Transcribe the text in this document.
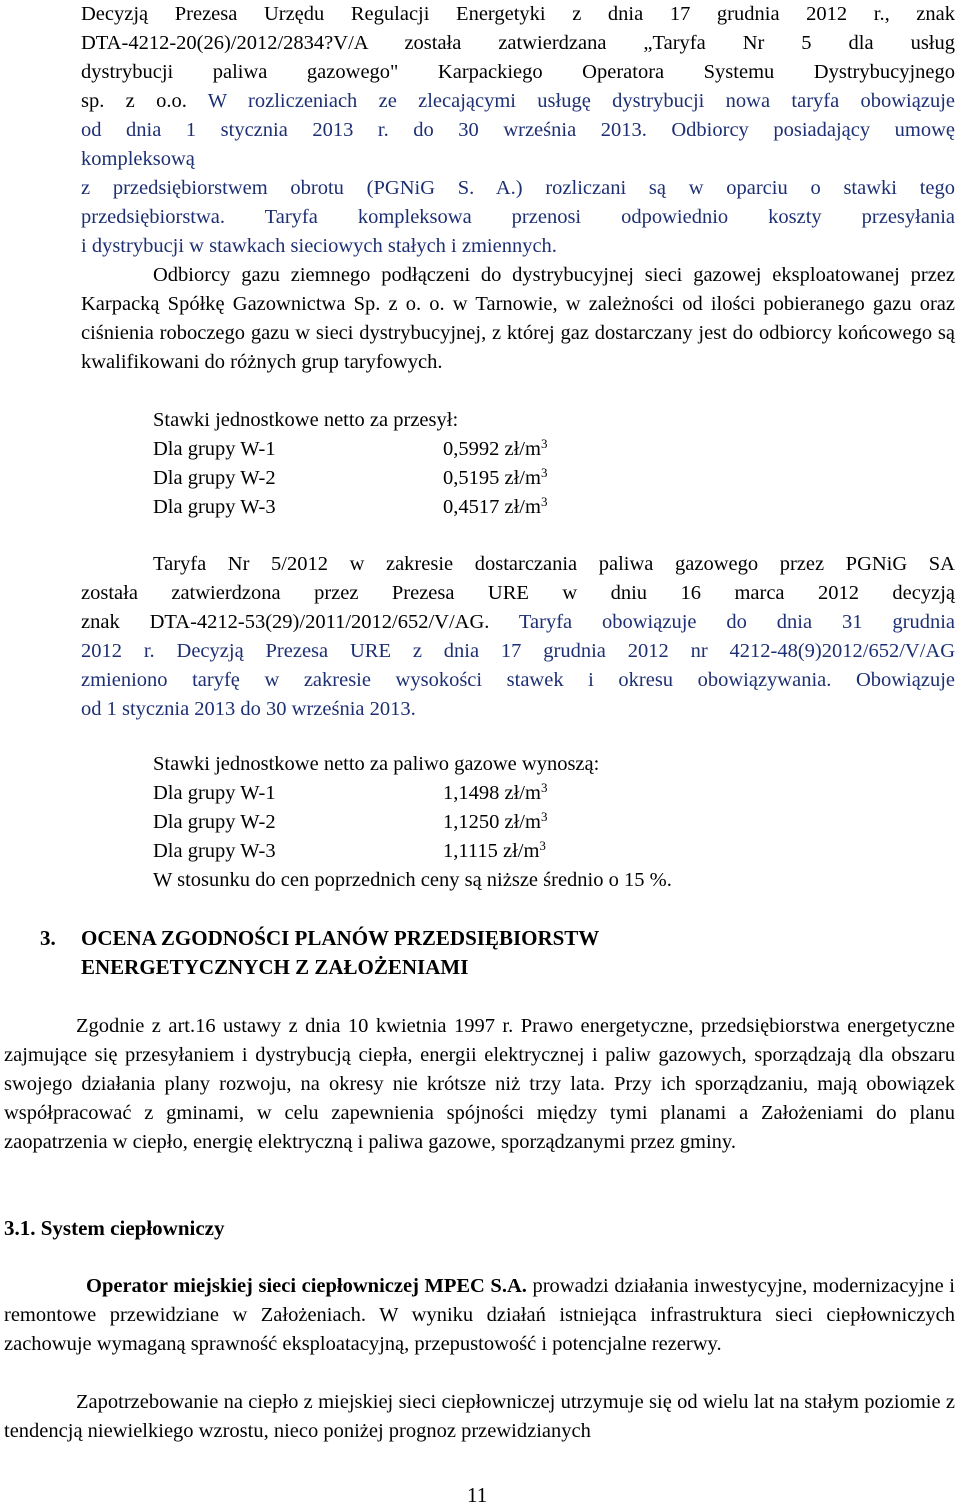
Decyzją Prezesa Urzędu Regulacji Energetyki z dnia 17 grudnia 2012 r., znak

DTA-4212-20(26)/2012/2834?V/A została zatwierdzana „Taryfa Nr 5 dla usług

dystrybucji paliwa gazowego" Karpackiego Operatora Systemu Dystrybucyjnego

sp. z o.o. W rozliczeniach ze zlecającymi usługę dystrybucji nowa taryfa obowiązuje

od dnia 1 stycznia 2013 r. do 30 września 2013. Odbiorcy posiadający umowę

kompleksową

z przedsiębiorstwem obrotu (PGNiG S. A.) rozliczani są w oparciu o stawki tego

przedsiębiorstwa. Taryfa kompleksowa przenosi odpowiednio koszty przesyłania

i dystrybucji w stawkach sieciowych stałych i zmiennych.

Odbiorcy gazu ziemnego podłączeni do dystrybucyjnej sieci gazowej eksploatowanej przez Karpacką Spółkę Gazownictwa Sp. z o. o. w Tarnowie, w zależności od ilości pobieranego gazu oraz ciśnienia roboczego gazu w sieci dystrybucyjnej, z której gaz dostarczany jest do odbiorcy końcowego są kwalifikowani do różnych grup taryfowych.

Stawki jednostkowe netto za przesył:

Dla grupy W-1	0,5992 $zł/m^3$
Dla grupy W-2	0,5195 $zł/m^3$
Dla grupy W-3	0,4517 $zł/m^3$

Taryfa Nr 5/2012 w zakresie dostarczania paliwa gazowego przez PGNiG SA

została zatwierdzona przez Prezesa URE w dniu 16 marca 2012 decyzją

znak DTA-4212-53(29)/2011/2012/652/V/AG. Taryfa obowiązuje do dnia 31 grudnia

2012 r. Decyzją Prezesa URE z dnia 17 grudnia 2012 nr 4212-48(9)2012/652/V/AG

zmieniono taryfę w zakresie wysokości stawek i okresu obowiązywania. Obowiązuje

od 1 stycznia 2013 do 30 września 2013.

Stawki jednostkowe netto za paliwo gazowe wynoszą:

Dla grupy W-1	1,1498 $zł/m^3$
Dla grupy W-2	1,1250 $zł/m^3$
Dla grupy W-3	1,1115 $zł/m^3$

W stosunku do cen poprzednich ceny są niższe średnio o 15 %.

3. OCENA ZGODNOŚCI PLANÓW PRZEDSIĘBIORSTW

ENERGETYCZNYCH Z ZAŁOŻENIAMI

Zgodnie z art.16 ustawy z dnia 10 kwietnia 1997 r. Prawo energetyczne, przedsiębiorstwa energetyczne zajmujące się przesyłaniem i dystrybucją ciepła, energii elektrycznej i paliw gazowych, sporządzają dla obszaru swojego działania plany rozwoju, na okresy nie krótsze niż trzy lata. Przy ich sporządzaniu, mają obowiązek współpracować z gminami, w celu zapewnienia spójności między tymi planami a Założeniami do planu zaopatrzenia w ciepło, energię elektryczną i paliwa gazowe, sporządzanymi przez gminy.

3.1. System ciepłowniczy

Operator miejskiej sieci ciepłowniczej MPEC S.A. prowadzi działania inwestycyjne, modernizacyjne i remontowe przewidziane w Założeniach. W wyniku działań istniejąca infrastruktura sieci ciepłowniczych zachowuje wymaganą sprawność eksploatacyjną, przepustowość i potencjalne rezerwy.

Zapotrzebowanie na ciepło z miejskiej sieci ciepłowniczej utrzymuje się od wielu lat na stałym poziomie z tendencją niewielkiego wzrostu, nieco poniżej prognoz przewidzianych

11
